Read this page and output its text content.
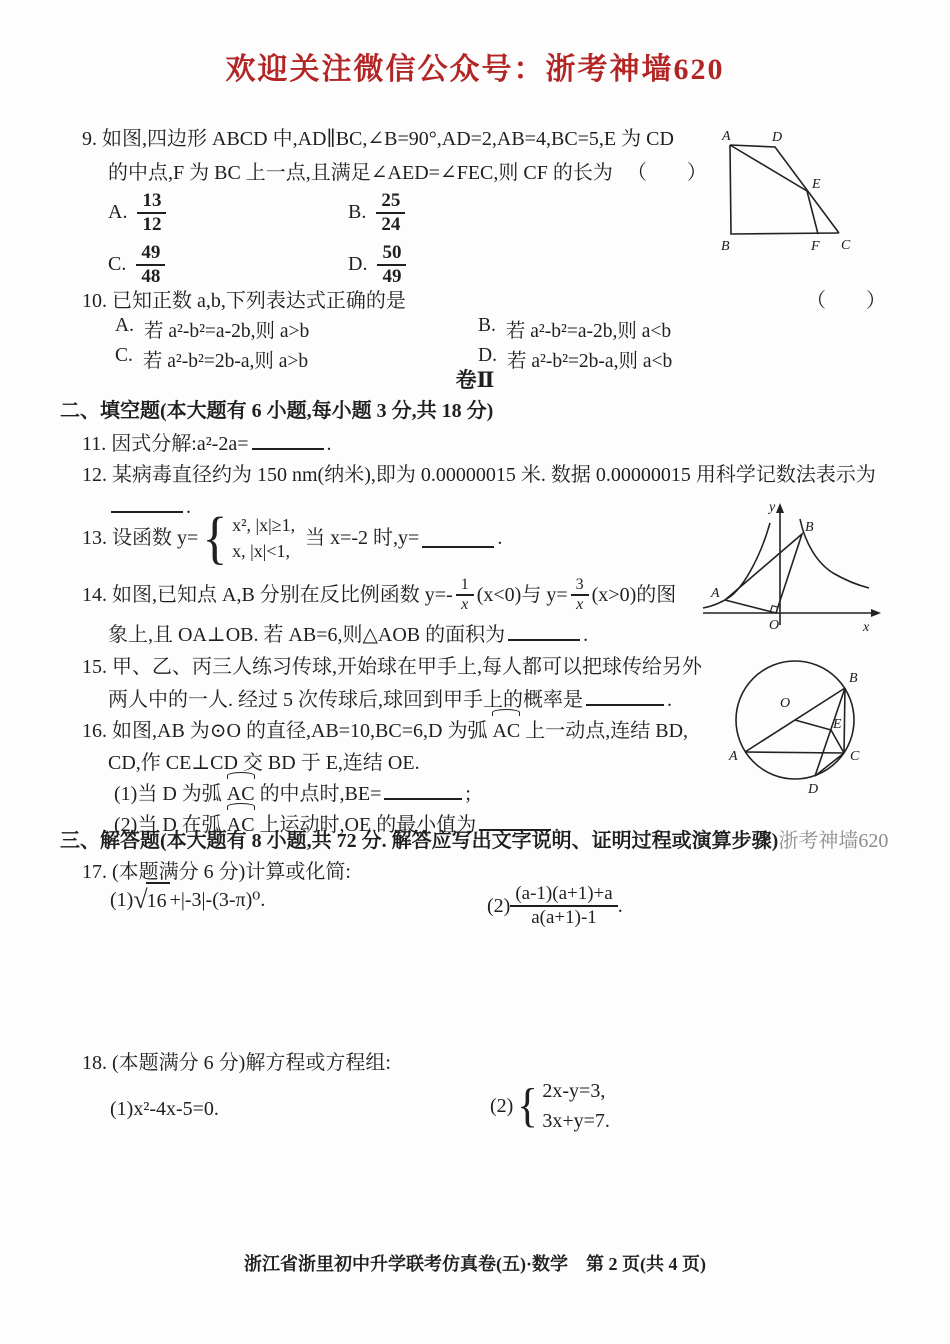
欢迎关注微信公众号：浙考神墙620
9. 如图,四边形 ABCD 中,AD∥BC,∠B=90°,AD=2,AB=4,BC=5,E 为 CD
的中点,F 为 BC 上一点,且满足∠AED=∠FEC,则 CF 的长为 （　　）
A. $\frac{13}{12}$	B. $\frac{25}{24}$
C. $\frac{49}{48}$	D. $\frac{50}{49}$
A	D
B	C
F
E
10. 已知正数 a,b,下列表达式正确的是	（　　）
A. 若 a²-b²=a-2b,则 a>b	B. 若 a²-b²=a-2b,则 a<b
C. 若 a²-b²=2b-a,则 a>b	D. 若 a²-b²=2b-a,则 a<b
卷Ⅱ
二、填空题(本大题有 6 小题,每小题 3 分,共 18 分)
11. 因式分解:a²-2a=	.
12. 某病毒直径约为 150 nm(纳米),即为 0.00000015 米. 数据 0.00000015 用科学记数法表示为
.
13. 设函数 y= { x², |x|≥1,
x, |x|<1,
当 x=-2 时,y=	.
14. 如图,已知点 A,B 分别在反比例函数 $y=- \frac{1}{x} (x<0)$与 $y= \frac{3}{x} (x>0)$的图
象上,且 OA⊥OB. 若 AB=6,则△AOB 的面积为	.
y
x
O
A
B
15. 甲、乙、丙三人练习传球,开始球在甲手上,每人都可以把球传给另外
两人中的一人. 经过 5 次传球后,球回到甲手上的概率是	.
16. 如图,AB 为⊙O 的直径,AB=10,BC=6,D 为弧 AC 上一动点,连结 BD,
CD,作 CE⊥CD 交 BD 于 E,连结 OE.
(1)当 D 为弧 AC 的中点时,BE=	;
(2)当 D 在弧 AC 上运动时,OE 的最小值为	.
A
B
C
D
O
E
三、解答题(本大题有 8 小题,共 72 分. 解答应写出文字说明、证明过程或演算步骤)浙考神墙620
17. (本题满分 6 分)计算或化简:
(1) √ 16 +|-3|-(3-π)⁰.	$(2) \frac{(a-1)(a+1)+a}{a(a+1)-1}$ .
18. (本题满分 6 分)解方程或方程组:
(1)x²-4x-5=0.	(2) { 2x-y=3,
3x+y=7.
浙江省浙里初中升学联考仿真卷(五)·数学　第 2 页(共 4 页)
